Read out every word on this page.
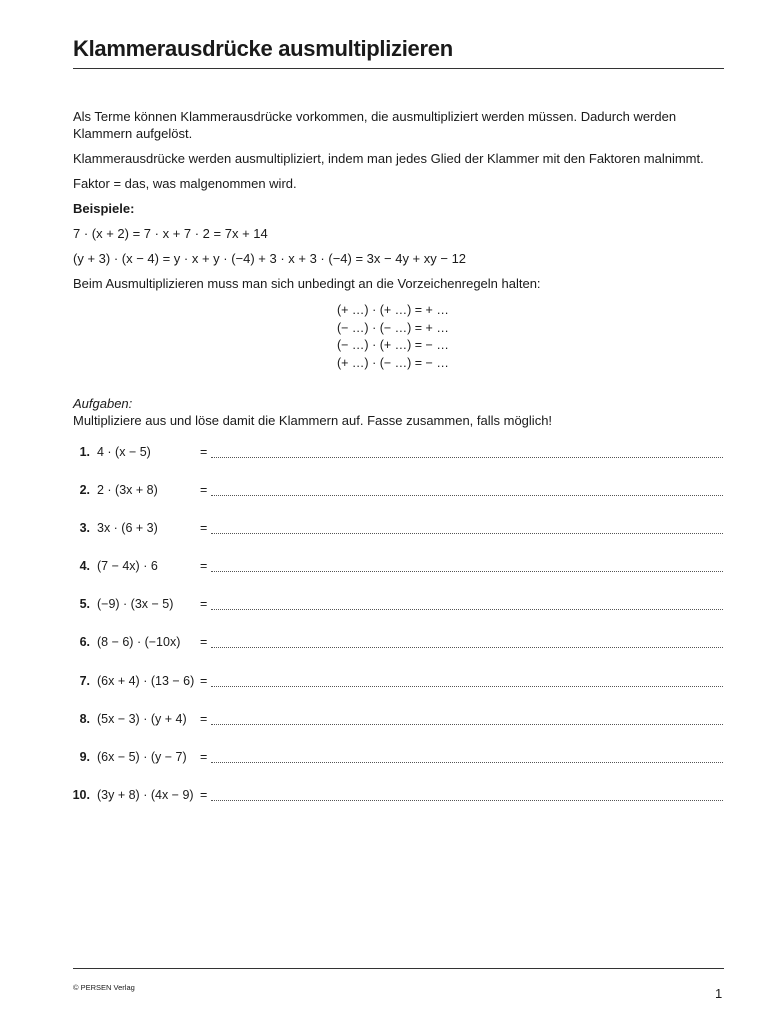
Klammerausdrücke ausmultiplizieren

Als Terme können Klammerausdrücke vorkommen, die ausmultipliziert werden müssen. Dadurch werden Klammern aufgelöst.

Klammerausdrücke werden ausmultipliziert, indem man jedes Glied der Klammer mit den Faktoren malnimmt.

Faktor = das, was malgenommen wird.

Beispiele:

7 · (x + 2) = 7 · x + 7 · 2 = 7x + 14

(y + 3) · (x − 4) = y · x + y · (−4) + 3 · x + 3 · (−4) = 3x − 4y + xy − 12

Beim Ausmultiplizieren muss man sich unbedingt an die Vorzeichenregeln halten:

(+ …) · (+ …) = + …
(− …) · (− …) = + …
(− …) · (+ …) = − …
(+ …) · (− …) = − …

Aufgaben:

Multipliziere aus und löse damit die Klammern auf. Fasse zusammen, falls möglich!

1. 4 · (x − 5)	=
2. 2 · (3x + 8)	=
3. 3x · (6 + 3)	=
4. (7 − 4x) · 6	=
5. (−9) · (3x − 5) =
6. (8 − 6) · (−10x) =
7. (6x + 4) · (13 − 6) =
8. (5x − 3) · (y + 4) =
9. (6x − 5) · (y − 7) =
10. (3y + 8) · (4x − 9) =
© PERSEN Verlag	1
